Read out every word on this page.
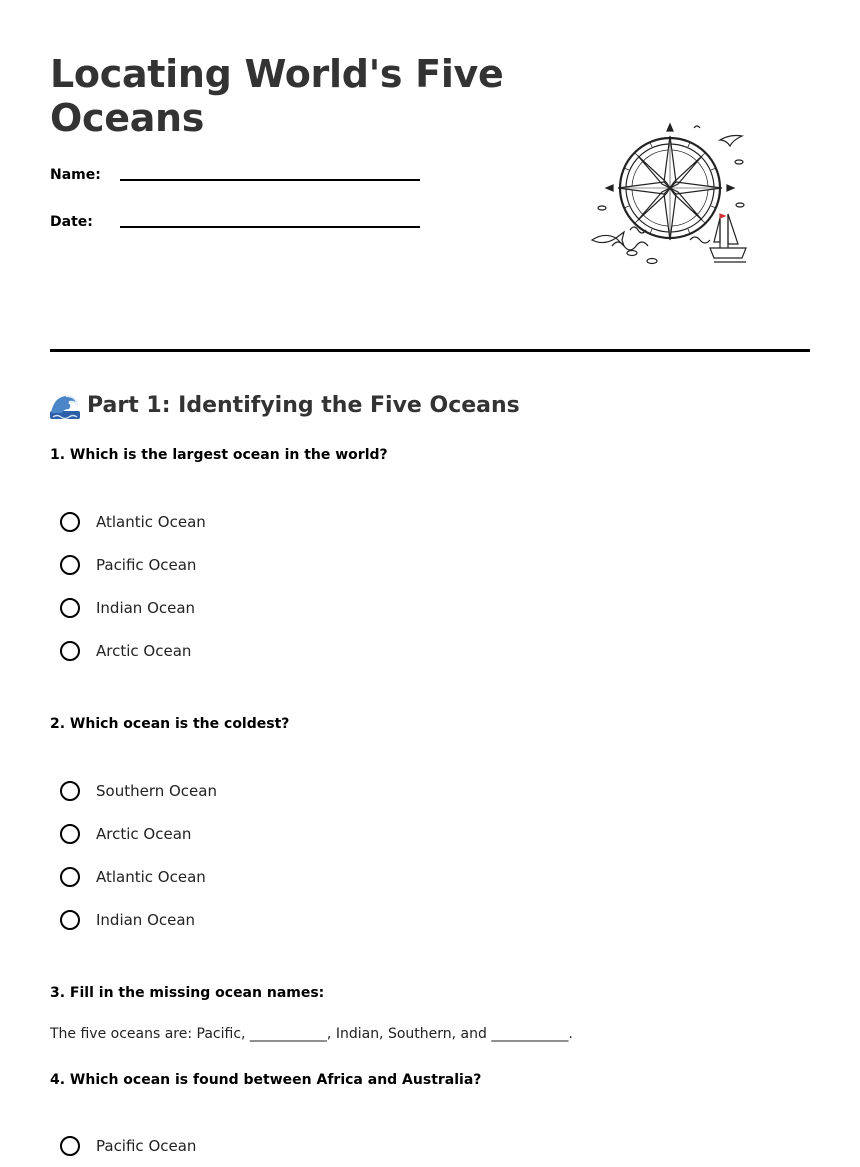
Locating World's Five Oceans
Name:
Date:
Part 1: Identifying the Five Oceans
1. Which is the largest ocean in the world?
Atlantic Ocean
Pacific Ocean
Indian Ocean
Arctic Ocean
2. Which ocean is the coldest?
Southern Ocean
Arctic Ocean
Atlantic Ocean
Indian Ocean
3. Fill in the missing ocean names:
The five oceans are: Pacific, ___________, Indian, Southern, and ___________.
4. Which ocean is found between Africa and Australia?
Pacific Ocean
